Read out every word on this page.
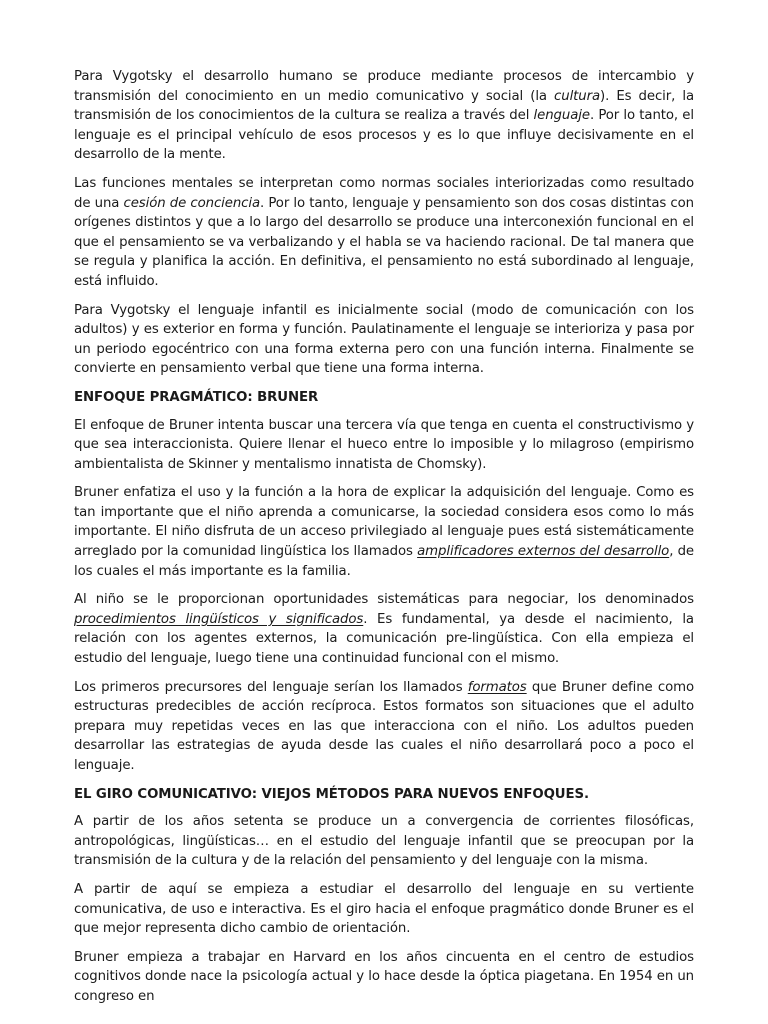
Para Vygotsky el desarrollo humano se produce mediante procesos de intercambio y transmisión del conocimiento en un medio comunicativo y social (la cultura). Es decir, la transmisión de los conocimientos de la cultura se realiza a través del lenguaje. Por lo tanto, el lenguaje es el principal vehículo de esos procesos y es lo que influye decisivamente en el desarrollo de la mente.

Las funciones mentales se interpretan como normas sociales interiorizadas como resultado de una cesión de conciencia. Por lo tanto, lenguaje y pensamiento son dos cosas distintas con orígenes distintos y que a lo largo del desarrollo se produce una interconexión funcional en el que el pensamiento se va verbalizando y el habla se va haciendo racional. De tal manera que se regula y planifica la acción. En definitiva, el pensamiento no está subordinado al lenguaje, está influido.

Para Vygotsky el lenguaje infantil es inicialmente social (modo de comunicación con los adultos) y es exterior en forma y función. Paulatinamente el lenguaje se interioriza y pasa por un periodo egocéntrico con una forma externa pero con una función interna. Finalmente se convierte en pensamiento verbal que tiene una forma interna.

ENFOQUE PRAGMÁTICO: BRUNER

El enfoque de Bruner intenta buscar una tercera vía que tenga en cuenta el constructivismo y que sea interaccionista. Quiere llenar el hueco entre lo imposible y lo milagroso (empirismo ambientalista de Skinner y mentalismo innatista de Chomsky).

Bruner enfatiza el uso y la función a la hora de explicar la adquisición del lenguaje. Como es tan importante que el niño aprenda a comunicarse, la sociedad considera esos como lo más importante. El niño disfruta de un acceso privilegiado al lenguaje pues está sistemáticamente arreglado por la comunidad lingüística los llamados amplificadores externos del desarrollo, de los cuales el más importante es la familia.

Al niño se le proporcionan oportunidades sistemáticas para negociar, los denominados procedimientos lingüísticos y significados. Es fundamental, ya desde el nacimiento, la relación con los agentes externos, la comunicación pre-lingüística. Con ella empieza el estudio del lenguaje, luego tiene una continuidad funcional con el mismo.

Los primeros precursores del lenguaje serían los llamados formatos que Bruner define como estructuras predecibles de acción recíproca. Estos formatos son situaciones que el adulto prepara muy repetidas veces en las que interacciona con el niño. Los adultos pueden desarrollar las estrategias de ayuda desde las cuales el niño desarrollará poco a poco el lenguaje.

EL GIRO COMUNICATIVO: VIEJOS MÉTODOS PARA NUEVOS ENFOQUES.

A partir de los años setenta se produce un a convergencia de corrientes filosóficas, antropológicas, lingüísticas… en el estudio del lenguaje infantil que se preocupan por la transmisión de la cultura y de la relación del pensamiento y del lenguaje con la misma.

A partir de aquí se empieza a estudiar el desarrollo del lenguaje en su vertiente comunicativa, de uso e interactiva. Es el giro hacia el enfoque pragmático donde Bruner es el que mejor representa dicho cambio de orientación.

Bruner empieza a trabajar en Harvard en los años cincuenta en el centro de estudios cognitivos donde nace la psicología actual y lo hace desde la óptica piagetana. En 1954 en un congreso en
